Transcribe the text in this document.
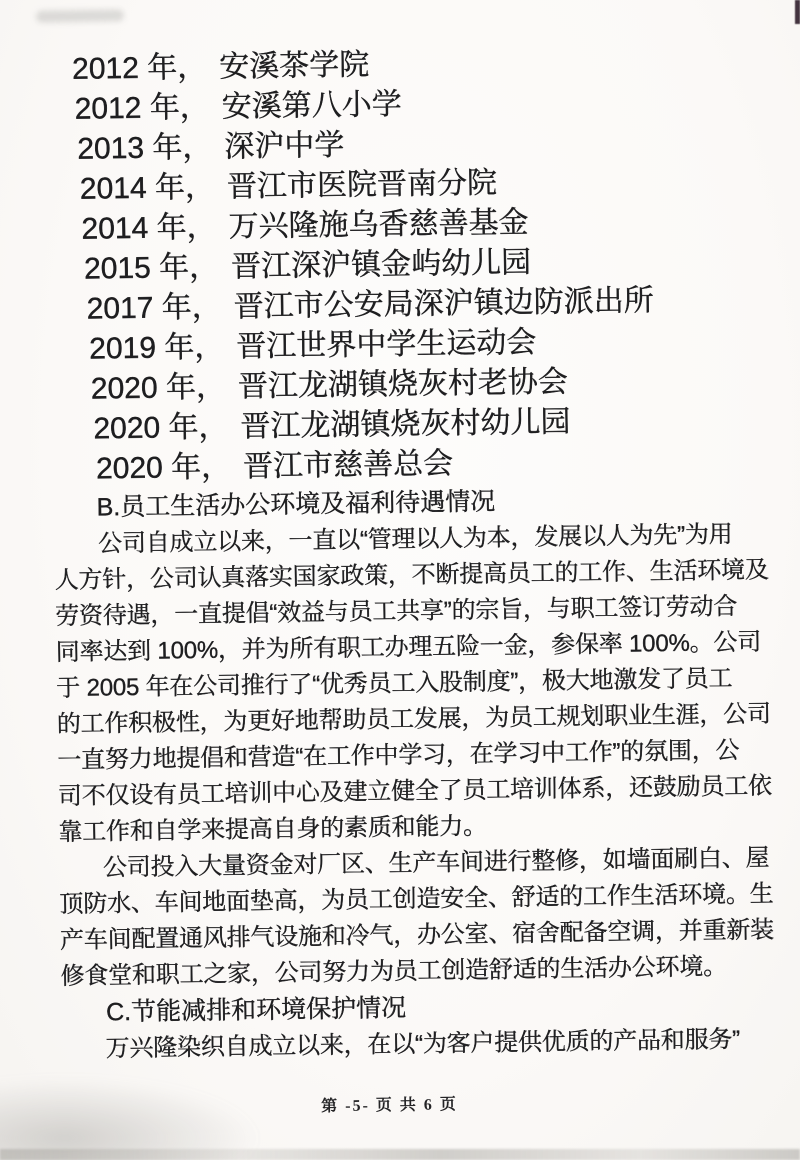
2012 年， 安溪茶学院
2012 年， 安溪第八小学
2013 年， 深沪中学
2014 年， 晋江市医院晋南分院
2014 年， 万兴隆施乌香慈善基金
2015 年， 晋江深沪镇金屿幼儿园
2017 年， 晋江市公安局深沪镇边防派出所
2019 年， 晋江世界中学生运动会
2020 年， 晋江龙湖镇烧灰村老协会
2020 年， 晋江龙湖镇烧灰村幼儿园
2020 年， 晋江市慈善总会
B.员工生活办公环境及福利待遇情况
公司自成立以来，一直以“管理以人为本，发展以人为先”为用
人方针，公司认真落实国家政策，不断提高员工的工作、生活环境及
劳资待遇，一直提倡“效益与员工共享”的宗旨，与职工签订劳动合
同率达到 100%，并为所有职工办理五险一金，参保率 100%。公司
于 2005 年在公司推行了“优秀员工入股制度”，极大地激发了员工
的工作积极性，为更好地帮助员工发展，为员工规划职业生涯，公司
一直努力地提倡和营造“在工作中学习，在学习中工作”的氛围，公
司不仅设有员工培训中心及建立健全了员工培训体系，还鼓励员工依
靠工作和自学来提高自身的素质和能力。
公司投入大量资金对厂区、生产车间进行整修，如墙面刷白、屋
顶防水、车间地面垫高，为员工创造安全、舒适的工作生活环境。生
产车间配置通风排气设施和冷气，办公室、宿舍配备空调，并重新装
修食堂和职工之家，公司努力为员工创造舒适的生活办公环境。
C.节能减排和环境保护情况
万兴隆染织自成立以来，在以“为客户提供优质的产品和服务”
第 -5- 页 共 6 页
